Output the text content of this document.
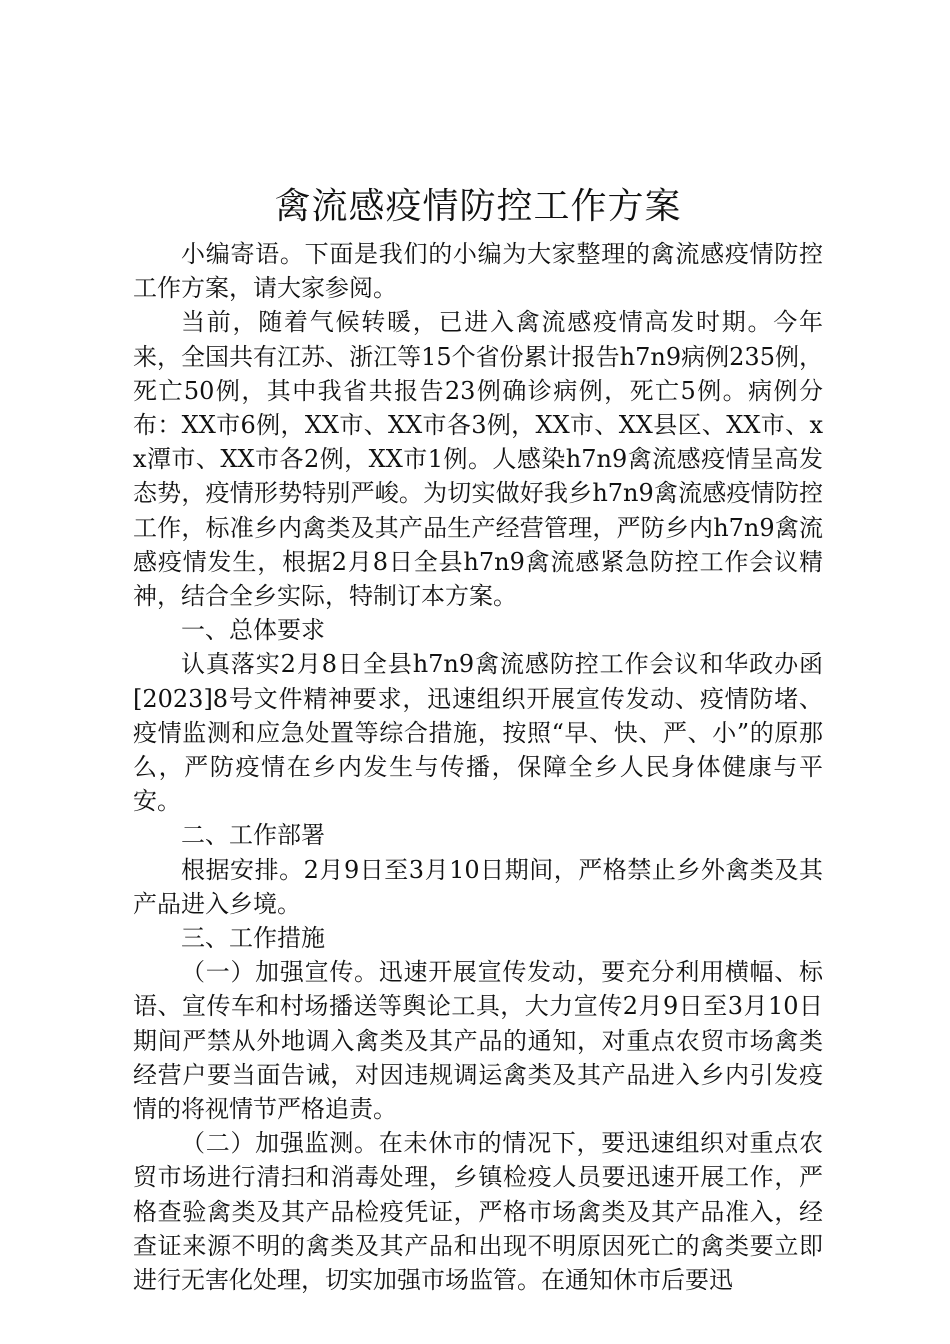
禽流感疫情防控工作方案

小编寄语。下面是我们的小编为大家整理的禽流感疫情防控工作方案，请大家参阅。

当前，随着气候转暖，已进入禽流感疫情高发时期。今年来，全国共有江苏、浙江等15个省份累计报告h7n9病例235例，死亡50例，其中我省共报告23例确诊病例，死亡5例。病例分布：XX市6例，XX市、XX市各3例，XX市、XX县区、XX市、xx潭市、XX市各2例，XX市1例。人感染h7n9禽流感疫情呈高发态势，疫情形势特别严峻。为切实做好我乡h7n9禽流感疫情防控工作，标准乡内禽类及其产品生产经营管理，严防乡内h7n9禽流感疫情发生，根据2月8日全县h7n9禽流感紧急防控工作会议精神，结合全乡实际，特制订本方案。

一、总体要求

认真落实2月8日全县h7n9禽流感防控工作会议和华政办函[2023]8号文件精神要求，迅速组织开展宣传发动、疫情防堵、疫情监测和应急处置等综合措施，按照“早、快、严、小”的原那么，严防疫情在乡内发生与传播，保障全乡人民身体健康与平安。

二、工作部署

根据安排。2月9日至3月10日期间，严格禁止乡外禽类及其产品进入乡境。

三、工作措施

（一）加强宣传。迅速开展宣传发动，要充分利用横幅、标语、宣传车和村场播送等舆论工具，大力宣传2月9日至3月10日期间严禁从外地调入禽类及其产品的通知，对重点农贸市场禽类经营户要当面告诫，对因违规调运禽类及其产品进入乡内引发疫情的将视情节严格追责。

（二）加强监测。在未休市的情况下，要迅速组织对重点农贸市场进行清扫和消毒处理，乡镇检疫人员要迅速开展工作，严格查验禽类及其产品检疫凭证，严格市场禽类及其产品准入，经查证来源不明的禽类及其产品和出现不明原因死亡的禽类要立即进行无害化处理，切实加强市场监管。在通知休市后要迅
